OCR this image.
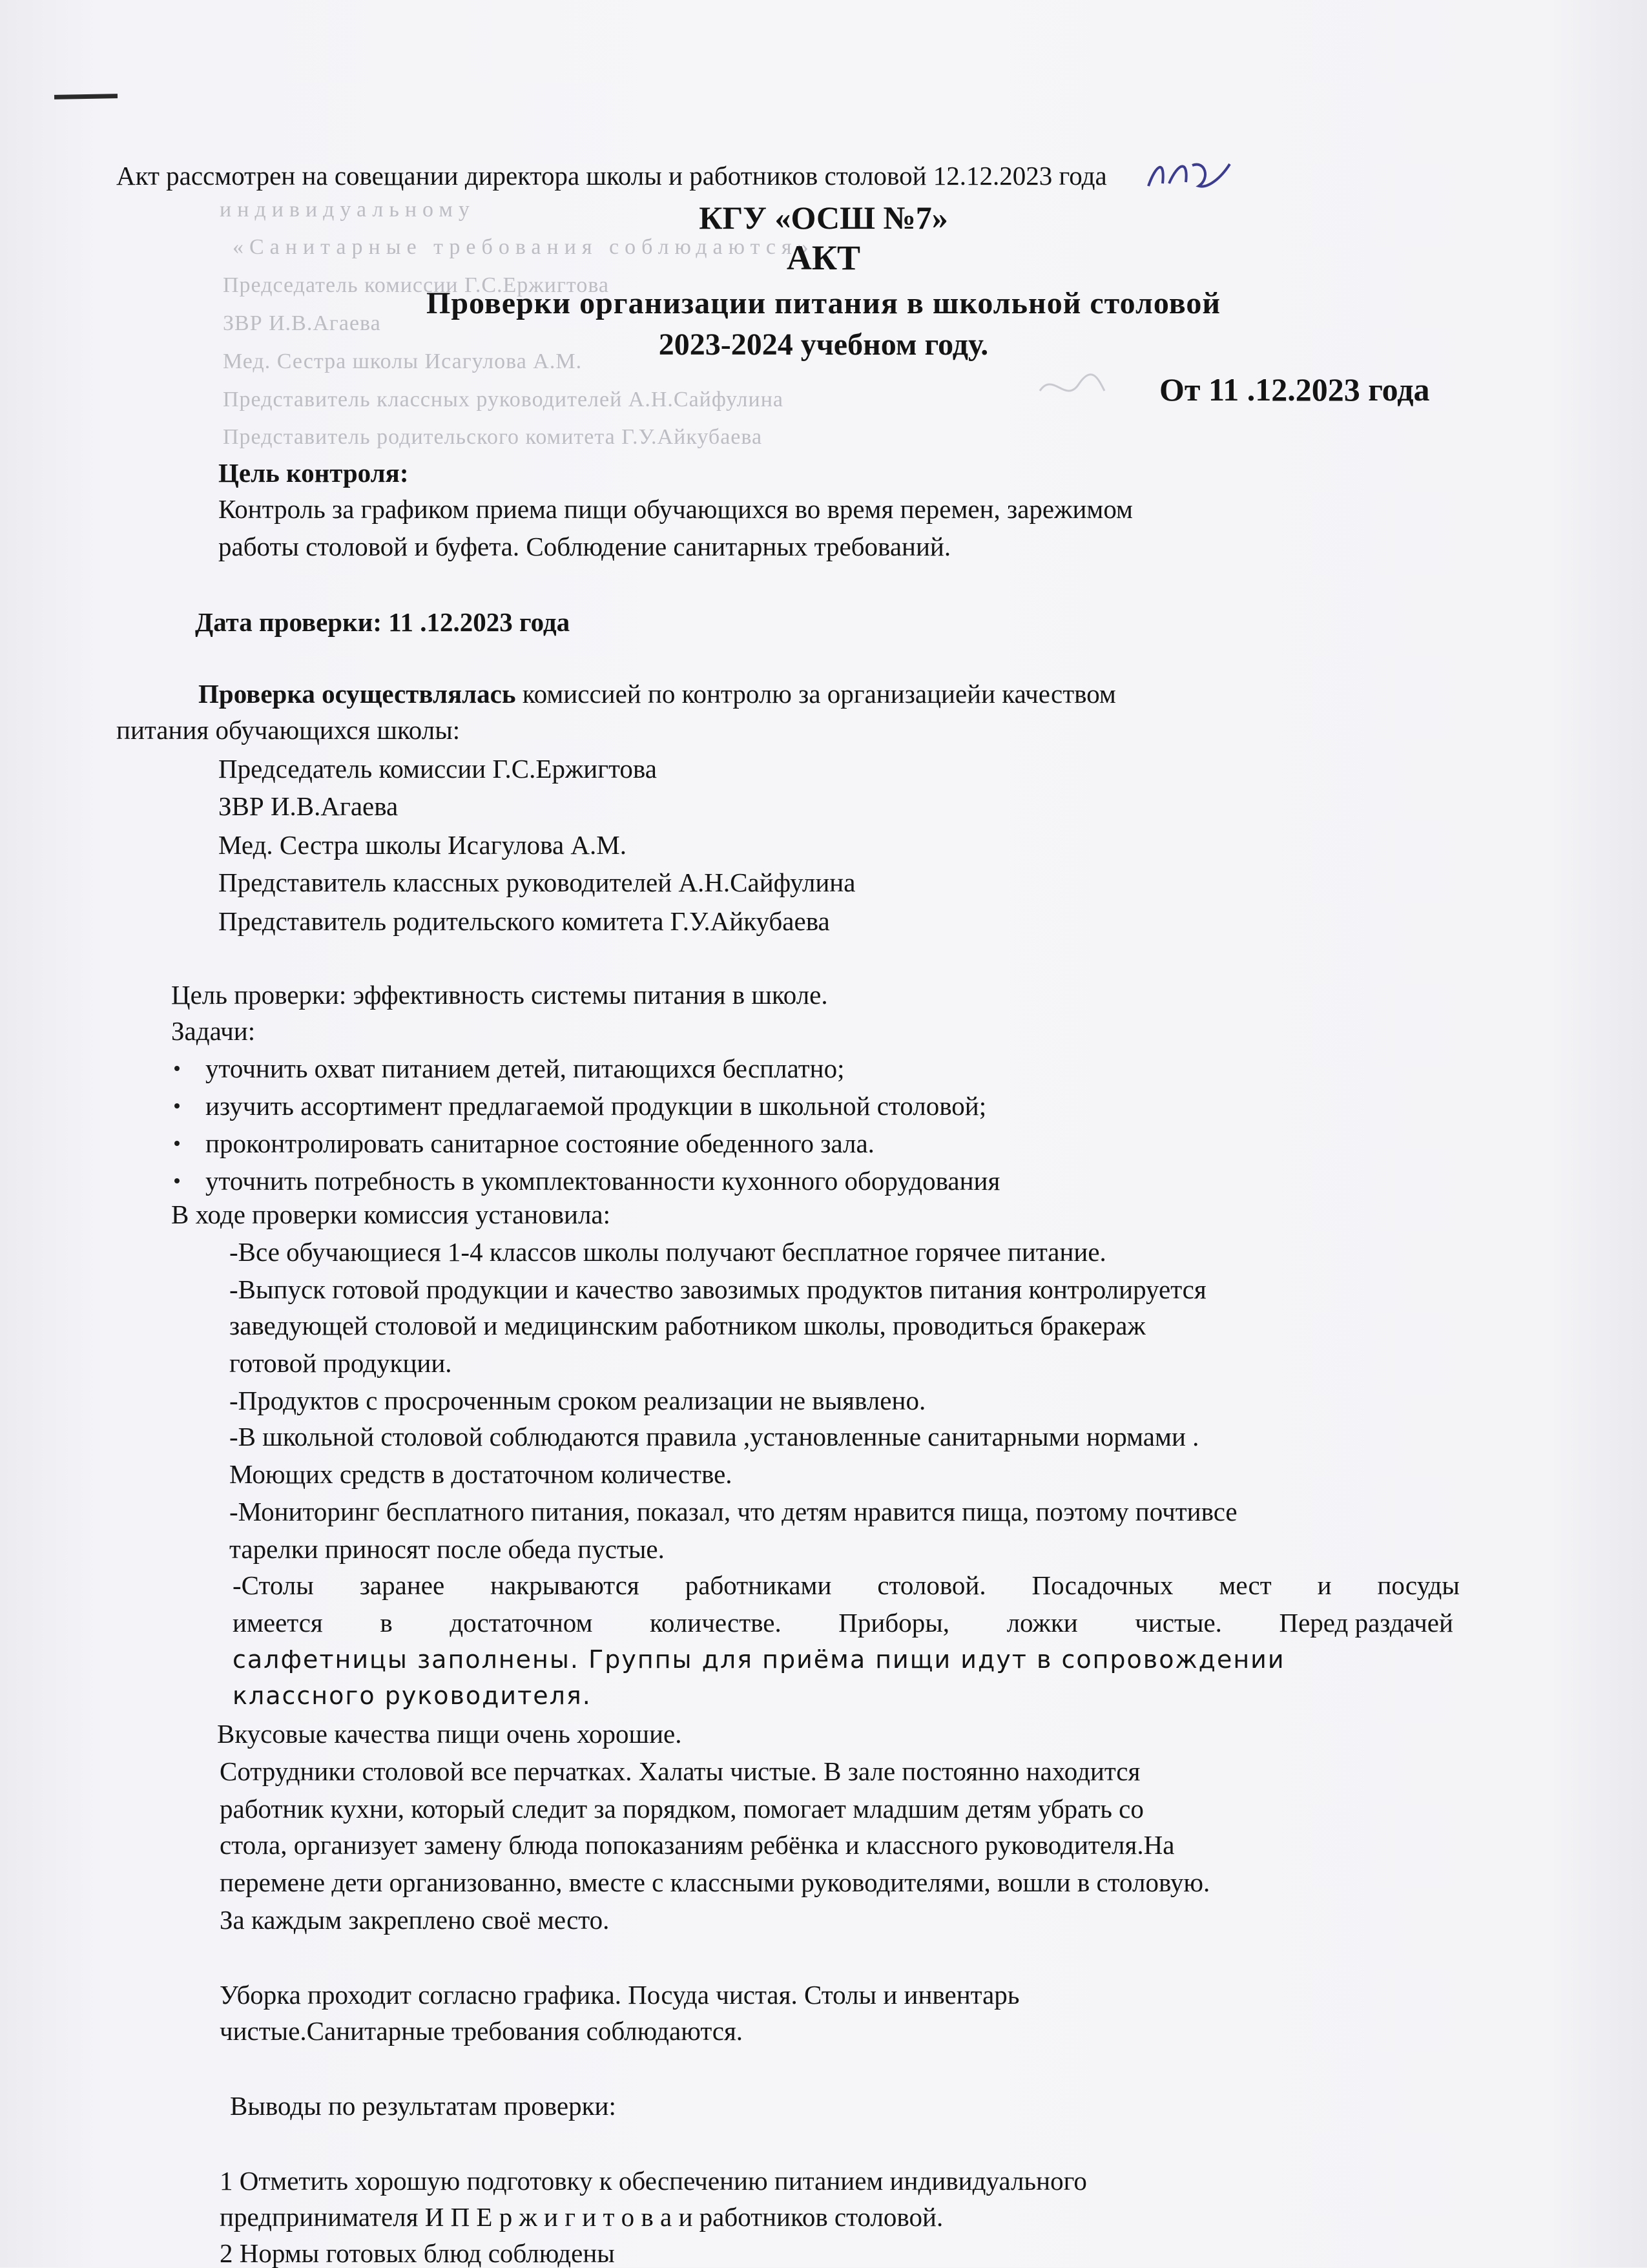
индивидуальному
«Санитарные требования соблюдаются»
Председатель комиссии Г.С.Ержигтова
ЗВР И.В.Агаева
Мед. Сестра школы Исагулова А.М.
Представитель классных руководителей А.Н.Сайфулина
Представитель родительского комитета Г.У.Айкубаева
Акт рассмотрен на совещании директора школы и работников столовой 12.12.2023 года
КГУ «ОСШ №7»
АКТ
Проверки организации питания в школьной столовой
2023-2024 учебном году.
От 11 .12.2023 года
Цель контроля:
Контроль за графиком приема пищи обучающихся во время перемен, зарежимом
работы столовой и буфета. Соблюдение санитарных требований.
Дата проверки: 11 .12.2023 года
Проверка осуществлялась комиссией по контролю за организациейи качеством
питания обучающихся школы:
Председатель комиссии Г.С.Ержигтова
ЗВР И.В.Агаева
Мед. Сестра школы Исагулова А.М.
Представитель классных руководителей А.Н.Сайфулина
Представитель родительского комитета Г.У.Айкубаева
Цель проверки: эффективность системы питания в школе.
Задачи:
уточнить охват питанием детей, питающихся бесплатно;
изучить ассортимент предлагаемой продукции в школьной столовой;
проконтролировать санитарное состояние обеденного зала.
уточнить потребность в укомплектованности кухонного оборудования
В ходе проверки комиссия установила:
-Все обучающиеся 1-4 классов школы получают бесплатное горячее питание.
-Выпуск готовой продукции и качество завозимых продуктов питания контролируется
заведующей столовой и медицинским работником школы, проводиться бракераж
готовой продукции.
-Продуктов с просроченным сроком реализации не выявлено.
-В школьной столовой соблюдаются правила ,установленные санитарными нормами .
Моющих средств в достаточном количестве.
-Мониторинг бесплатного питания, показал, что детям нравится пища, поэтому почтивсе
тарелки приносят после обеда пустые.
-Столы заранее накрываются работниками столовой. Посадочных мест и посуды
имеется в достаточном количестве. Приборы, ложки чистые. Перед раздачей
салфетницы заполнены. Группы для приёма пищи идут в сопровождении
классного руководителя.
Вкусовые качества пищи очень хорошие.
Сотрудники столовой все перчатках. Халаты чистые. В зале постоянно находится
работник кухни, который следит за порядком, помогает младшим детям убрать со
стола, организует замену блюда попоказаниям ребёнка и классного руководителя.На
перемене дети организованно, вместе с классными руководителями, вошли в столовую.
За каждым закреплено своё место.
Уборка проходит согласно графика. Посуда чистая. Столы и инвентарь
чистые.Санитарные требования соблюдаются.
Выводы по результатам проверки:
1 Отметить хорошую подготовку к обеспечению питанием индивидуального
предпринимателя И П Е р ж и г и т о в а и работников столовой.
2 Нормы готовых блюд соблюдены
